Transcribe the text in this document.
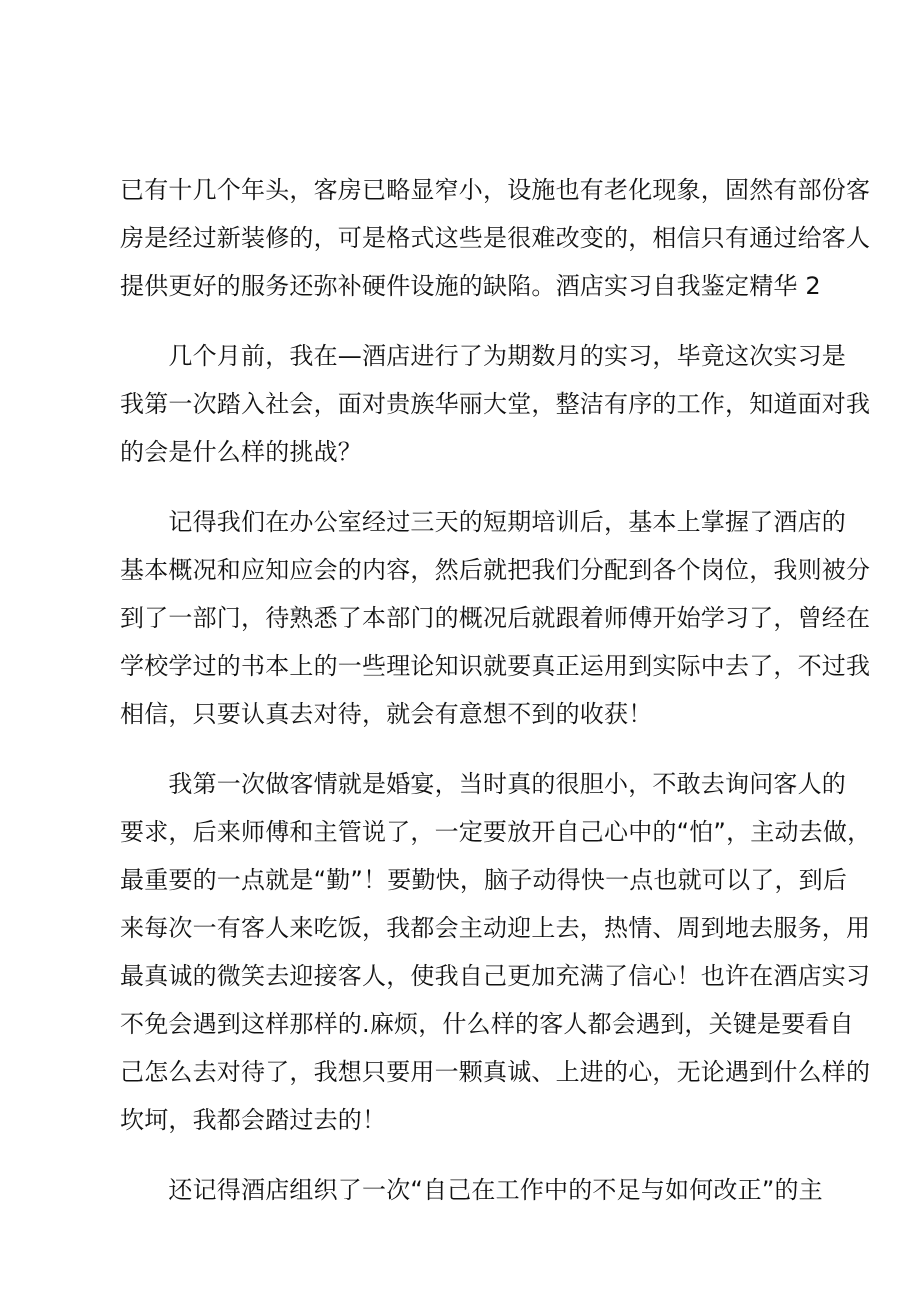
已有十几个年头，客房已略显窄小，设施也有老化现象，固然有部份客
房是经过新装修的，可是格式这些是很难改变的，相信只有通过给客人
提供更好的服务还弥补硬件设施的缺陷。酒店实习自我鉴定精华 2
　　几个月前，我在—酒店进行了为期数月的实习，毕竟这次实习是
我第一次踏入社会，面对贵族华丽大堂，整洁有序的工作，知道面对我
的会是什么样的挑战？
　　记得我们在办公室经过三天的短期培训后，基本上掌握了酒店的
基本概况和应知应会的内容，然后就把我们分配到各个岗位，我则被分
到了一部门，待熟悉了本部门的概况后就跟着师傅开始学习了，曾经在
学校学过的书本上的一些理论知识就要真正运用到实际中去了，不过我
相信，只要认真去对待，就会有意想不到的收获！
　　我第一次做客情就是婚宴，当时真的很胆小，不敢去询问客人的
要求，后来师傅和主管说了，一定要放开自己心中的“怕”，主动去做，
最重要的一点就是“勤”！要勤快，脑子动得快一点也就可以了，到后
来每次一有客人来吃饭，我都会主动迎上去，热情、周到地去服务，用
最真诚的微笑去迎接客人，使我自己更加充满了信心！也许在酒店实习
不免会遇到这样那样的.麻烦，什么样的客人都会遇到，关键是要看自
己怎么去对待了，我想只要用一颗真诚、上进的心，无论遇到什么样的
坎坷，我都会踏过去的！
　　还记得酒店组织了一次“自己在工作中的不足与如何改正”的主
